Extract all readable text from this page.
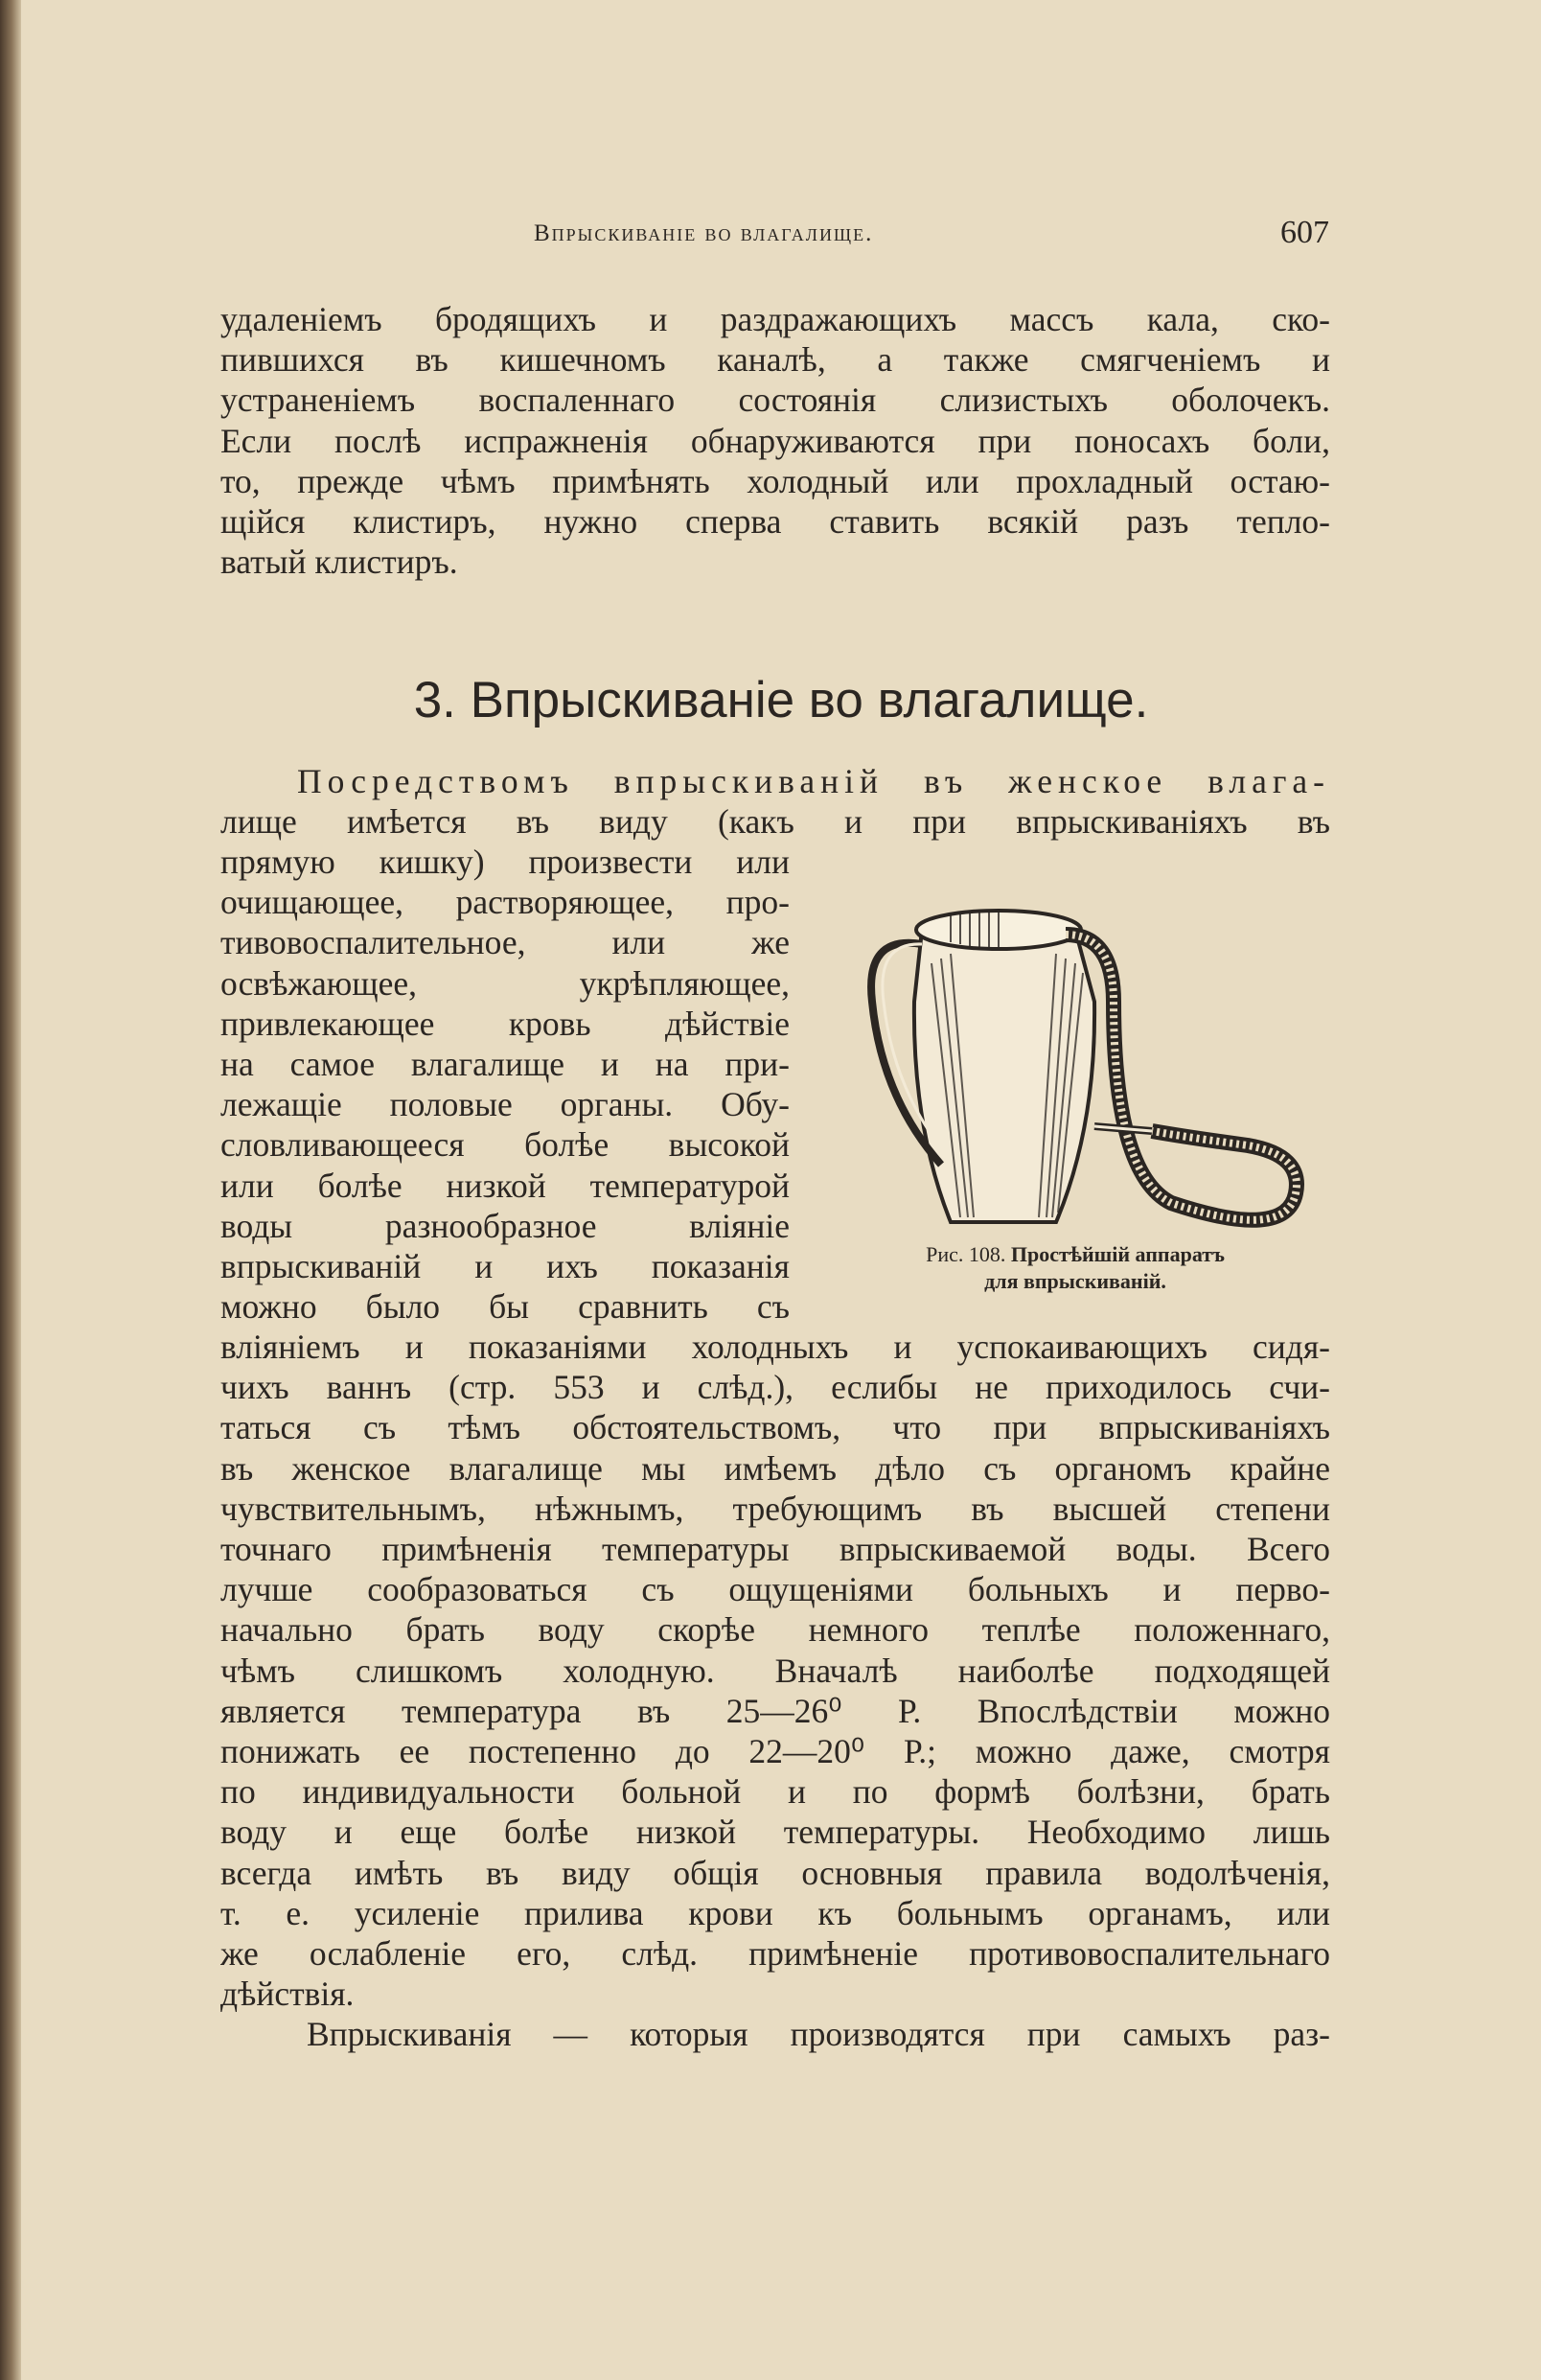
Впрыскиваніе во влагалище.	607
удаленіемъ бродящихъ и раздражающихъ массъ кала, ско-
пившихся въ кишечномъ каналѣ, а также смягченіемъ и
устраненіемъ воспаленнаго состоянія слизистыхъ оболочекъ.
Если послѣ испражненія обнаруживаются при поносахъ боли,
то, прежде чѣмъ примѣнять холодный или прохладный остаю-
щійся клистиръ, нужно сперва ставить всякій разъ тепло-
ватый клистиръ.
3. Впрыскиваніе во влагалище.
Посредствомъ впрыскиваній въ женское влага-
лище имѣется въ виду (какъ и при впрыскиваніяхъ въ
прямую кишку) произвести или
очищающее, растворяющее, про-
тивовоспалительное, или же
освѣжающее, укрѣпляющее,
привлекающее кровь дѣйствіе
на самое влагалище и на при-
лежащіе половые органы. Обу-
словливающееся болѣе высокой
или болѣе низкой температурой
воды разнообразное вліяніе
впрыскиваній и ихъ показанія
можно было бы сравнить съ
Рис. 108. Простѣйшій аппаратъ
для впрыскиваній.
вліяніемъ и показаніями холодныхъ и успокаивающихъ сидя-
чихъ ваннъ (стр. 553 и слѣд.), еслибы не приходилось счи-
таться съ тѣмъ обстоятельствомъ, что при впрыскиваніяхъ
въ женское влагалище мы имѣемъ дѣло съ органомъ крайне
чувствительнымъ, нѣжнымъ, требующимъ въ высшей степени
точнаго примѣненія температуры впрыскиваемой воды. Всего
лучше сообразоваться съ ощущеніями больныхъ и перво-
начально брать воду скорѣе немного теплѣе положеннаго,
чѣмъ слишкомъ холодную. Вначалѣ наиболѣе подходящей
является температура въ 25—26⁰ Р. Впослѣдствіи можно
понижать ее постепенно до 22—20⁰ Р.; можно даже, смотря
по индивидуальности больной и по формѣ болѣзни, брать
воду и еще болѣе низкой температуры. Необходимо лишь
всегда имѣть въ виду общія основныя правила водолѣченія,
т. е. усиленіе прилива крови къ больнымъ органамъ, или
же ослабленіе его, слѣд. примѣненіе противовоспалительнаго
дѣйствія.
Впрыскиванія — которыя производятся при самыхъ раз-
